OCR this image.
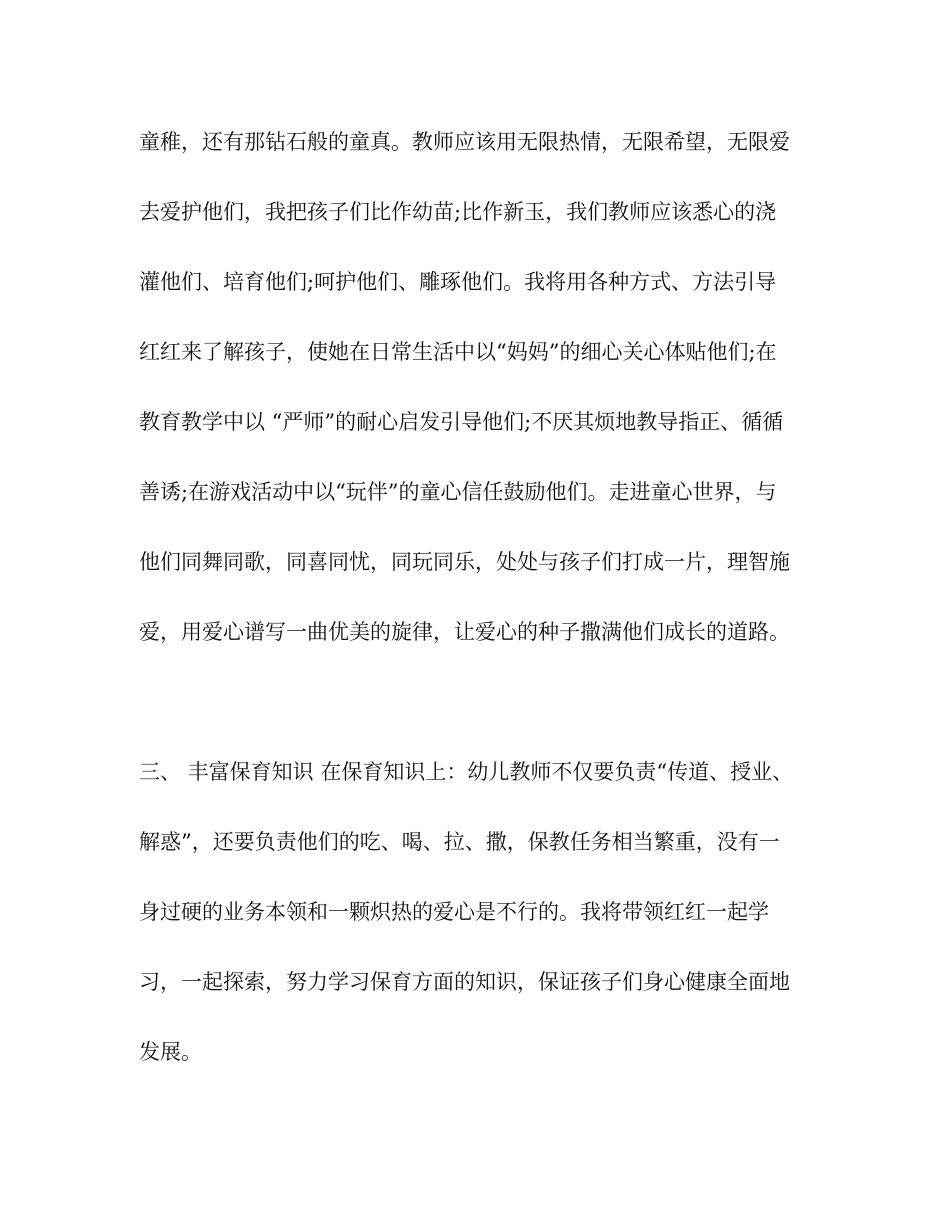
童稚，还有那钻石般的童真。教师应该用无限热情，无限希望，无限爱

去爱护他们，我把孩子们比作幼苗;比作新玉，我们教师应该悉心的浇

灌他们、培育他们;呵护他们、雕琢他们。我将用各种方式、方法引导

红红来了解孩子，使她在日常生活中以“妈妈”的细心关心体贴他们;在

教育教学中以 “严师”的耐心启发引导他们;不厌其烦地教导指正、循循

善诱;在游戏活动中以“玩伴”的童心信任鼓励他们。走进童心世界，与

他们同舞同歌，同喜同忧，同玩同乐，处处与孩子们打成一片，理智施

爱，用爱心谱写一曲优美的旋律，让爱心的种子撒满他们成长的道路。

三、 丰富保育知识 在保育知识上：幼儿教师不仅要负责“传道、授业、

解惑”，还要负责他们的吃、喝、拉、撒，保教任务相当繁重，没有一

身过硬的业务本领和一颗炽热的爱心是不行的。我将带领红红一起学

习，一起探索，努力学习保育方面的知识，保证孩子们身心健康全面地

发展。
